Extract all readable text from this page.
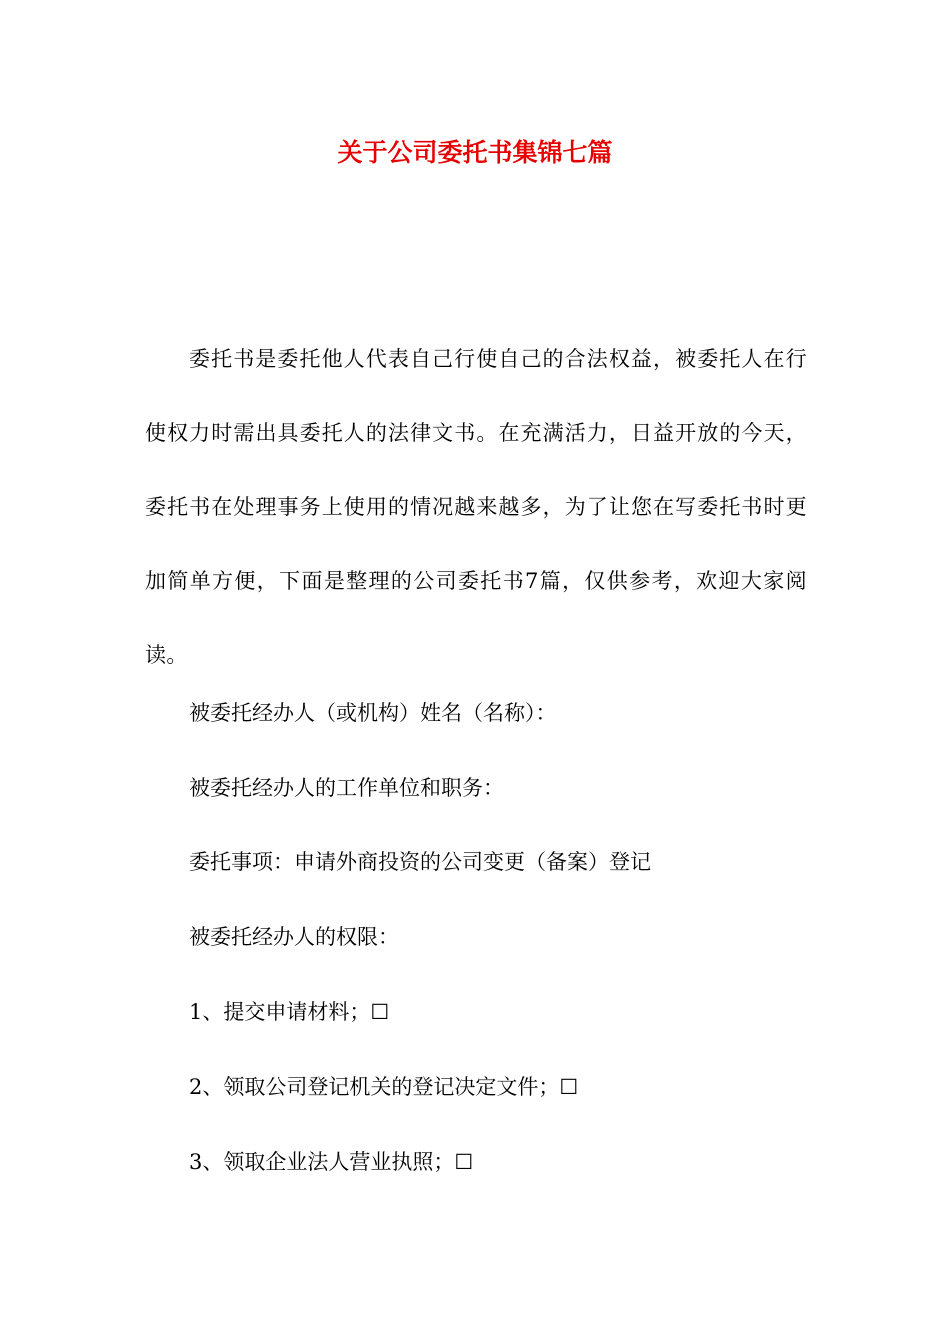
关于公司委托书集锦七篇

委托书是委托他人代表自己行使自己的合法权益，被委托人在行使权力时需出具委托人的法律文书。在充满活力，日益开放的今天，委托书在处理事务上使用的情况越来越多，为了让您在写委托书时更加简单方便，下面是整理的公司委托书7篇，仅供参考，欢迎大家阅读。

被委托经办人（或机构）姓名（名称）：

被委托经办人的工作单位和职务：

委托事项：申请外商投资的公司变更（备案）登记

被委托经办人的权限：

1、提交申请材料；☐

2、领取公司登记机关的登记决定文件；☐

3、领取企业法人营业执照；☐
